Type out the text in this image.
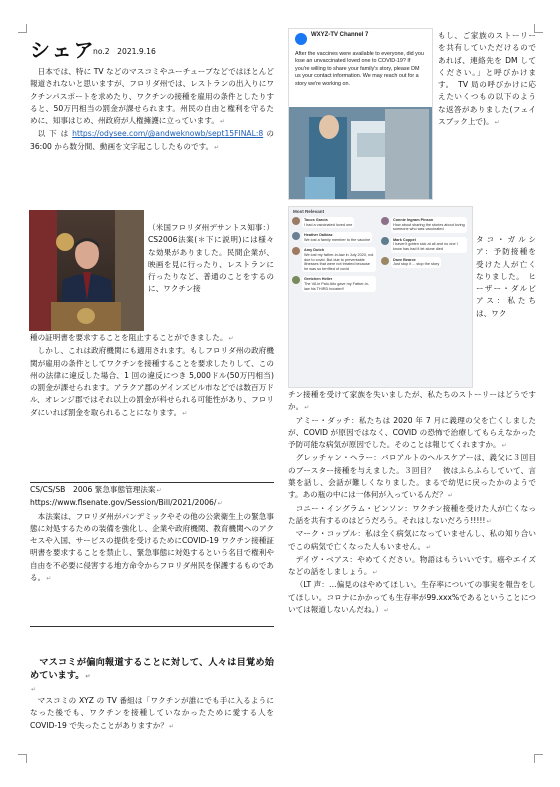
シェア
no.2　2021.9.16

日本では、特に TV などのマスコミやユーチューブなどではほとんど報道されないと思いますが、フロリダ州では、レストランの出入りにワクチンパスポートを求めたり、ワクチンの接種を雇用の条件としたりすると、50万円相当の罰金が課せられます。州民の自由と権利を守るために、知事はじめ、州政府が人権擁護に立っています。↵

以 下 は https://odysee.com/@andweknowb/sept15FINAL:8 の 36:00 から数分間、動画を文字起こししたものです。↵

（米国フロリダ州デサントス知事：）CS2006法案(＊下に説明)には様々な効果がありました。民間企業が、映画を見に行ったり、レストランに行ったりなど、普通のことをするのに、ワクチン接

種の証明書を要求することを阻止することができました。↵

しかし、これは政府機関にも適用されます。もしフロリダ州の政府機関が雇用の条件としてワクチンを接種することを要求したりして、この州の法律に違反した場合、1 回の違反につき 5,000ドル(50万円相当)の罰金が課せられます。アラクア郡のゲインズビル市などでは数百万ドル、オレンジ郡ではそれ以上の罰金が科せられる可能性があり、フロリダにいれば罰金を取られることになります。↵

CS/CS/SB　2006 緊急事態管理法案↵

https://www.flsenate.gov/Session/Bill/2021/2006/↵

本法案は、フロリダ州がパンデミックやその他の公衆衛生上の緊急事態に対処するための装備を強化し、企業や政府機関、教育機関へのアクセスや入国、サービスの提供を受けるためにCOVID-19 ワクチン接種証明書を要求することを禁止し、緊急事態に対処するという名目で権利や自由を不必要に侵害する地方命令からフロリダ州民を保護するものである。↵

マスコミが偏向報道することに対して、人々は目覚め始めています。↵

↵

マスコミの XYZ の TV 番組は「ワクチンが誰にでも手に入るようになった後でも、ワクチンを接種していなかったために愛する人をCOVID-19 で失ったことがありますか？↵

WXYZ-TV Channel 7
After the vaccines were available to everyone, did you lose an unvaccinated loved one to COVID-19? If you're willing to share your family's story, please DM us your contact information. We may reach out for a story we're working on.

もし、ご家族のストーリーを共有していただけるのであれば、連絡先を DM してください。」と呼びかけます。　TV 局の呼びかけに応えたいくつもの以下のような返答がありました(フェイスブック上で)。↵

Most Relevant
Tacos Garcia
I had a vaccinated loved one
Heather Dalbiaz
We lost a family member to the vaccine
Amy Dutch
We lost my father-in-law in July 2020, not due to covid. But due to preventable illnesses that were not treated because he was so terrified of covid
Gretchen Heller
The VA in Palo Alto gave my Father-in-law his THIRD booster!!
Connie Ingram Pinson
How about sharing the stories about loving someone who was vaccinated
Mark Coppel
I haven't gotten sick at all and no one I know has had it let alone died
Dave Bearce
Just stop it ... stop the story

タコ・ガルシア：予防接種を受けた人が亡くなりました。　ヒーザー・ダルビアス：私たちは、ワク

チン接種を受けて家族を失いましたが、私たちのストーリーはどうですか。↵

アミー・ダッチ：私たちは 2020 年 7 月に義理の父を亡くしましたが、COVID が原因ではなく、COVID の恐怖で治療してもらえなかった予防可能な病気が原因でした。そのことは報じてくれますか。↵

グレッチャン・ヘラー：バロアルトのヘルスケアーは、義父に３回目のブースター接種を与えました。３回目？　彼はふらふらしていて、言葉を話し、会話が難しくなりました。まるで幼児に戻ったかのようです。あの瓶の中には一体何が入っているんだ？↵

コニー・イングラム・ビンソン：ワクチン接種を受けた人が亡くなった話を共有するのはどうだろう。それはしないだろう!!!!!↵

マーク・コップル：私は全く病気になっていませんし、私の知り合いでこの病気で亡くなった人もいません。↵

デイヴ・ベアス：やめてください。物語はもういいです。癌やエイズなどの話をしましょう。↵

（LT 声：…偏見のはやめてほしい。生存率についての事実を報告をしてほしい。コロナにかかっても生存率が99.xxx%であるということについては報道しないんだね。）↵
